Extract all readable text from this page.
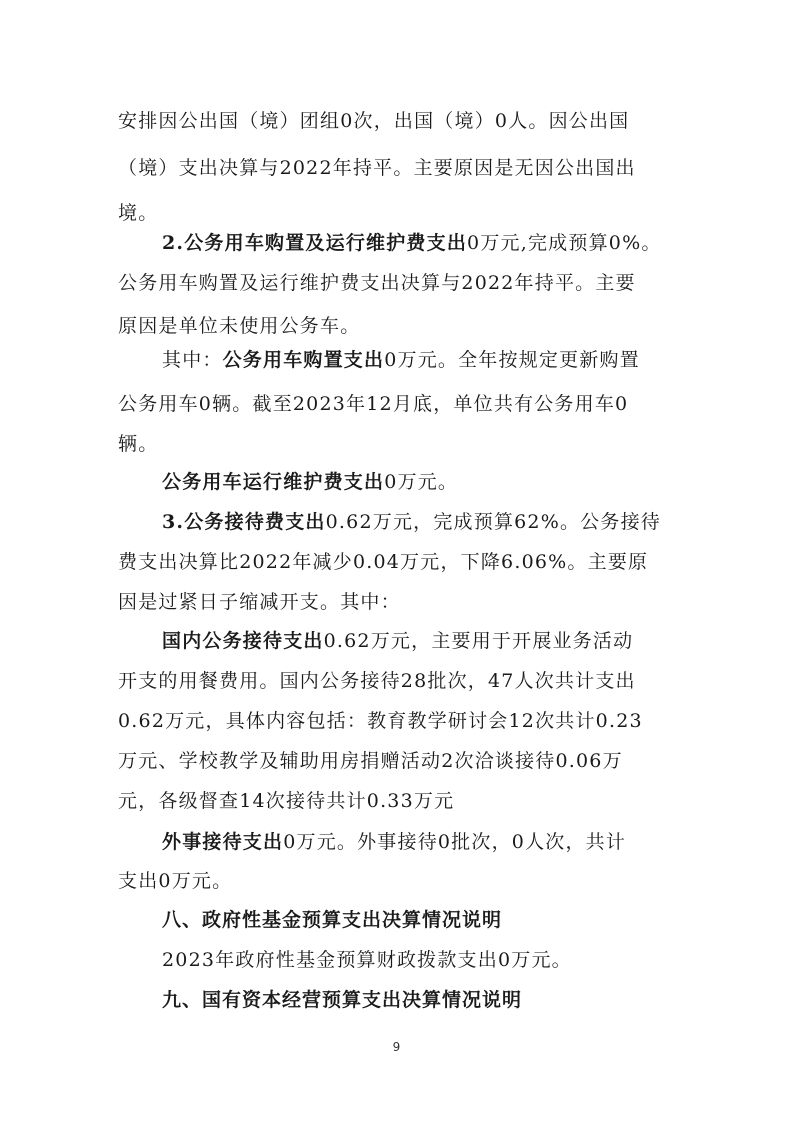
安排因公出国（境）团组0次，出国（境）0人。因公出国
（境）支出决算与2022年持平。主要原因是无因公出国出
境。
2.公务用车购置及运行维护费支出0万元,完成预算0%。
公务用车购置及运行维护费支出决算与2022年持平。主要
原因是单位未使用公务车。
其中：公务用车购置支出0万元。全年按规定更新购置
公务用车0辆。截至2023年12月底，单位共有公务用车0
辆。
公务用车运行维护费支出0万元。
3.公务接待费支出0.62万元，完成预算62%。公务接待
费支出决算比2022年减少0.04万元，下降6.06%。主要原
因是过紧日子缩减开支。其中：
国内公务接待支出0.62万元，主要用于开展业务活动
开支的用餐费用。国内公务接待28批次，47人次共计支出
0.62万元，具体内容包括：教育教学研讨会12次共计0.23
万元、学校教学及辅助用房捐赠活动2次洽谈接待0.06万
元，各级督查14次接待共计0.33万元
外事接待支出0万元。外事接待0批次，0人次，共计
支出0万元。
八、政府性基金预算支出决算情况说明
2023年政府性基金预算财政拨款支出0万元。
九、国有资本经营预算支出决算情况说明
9
